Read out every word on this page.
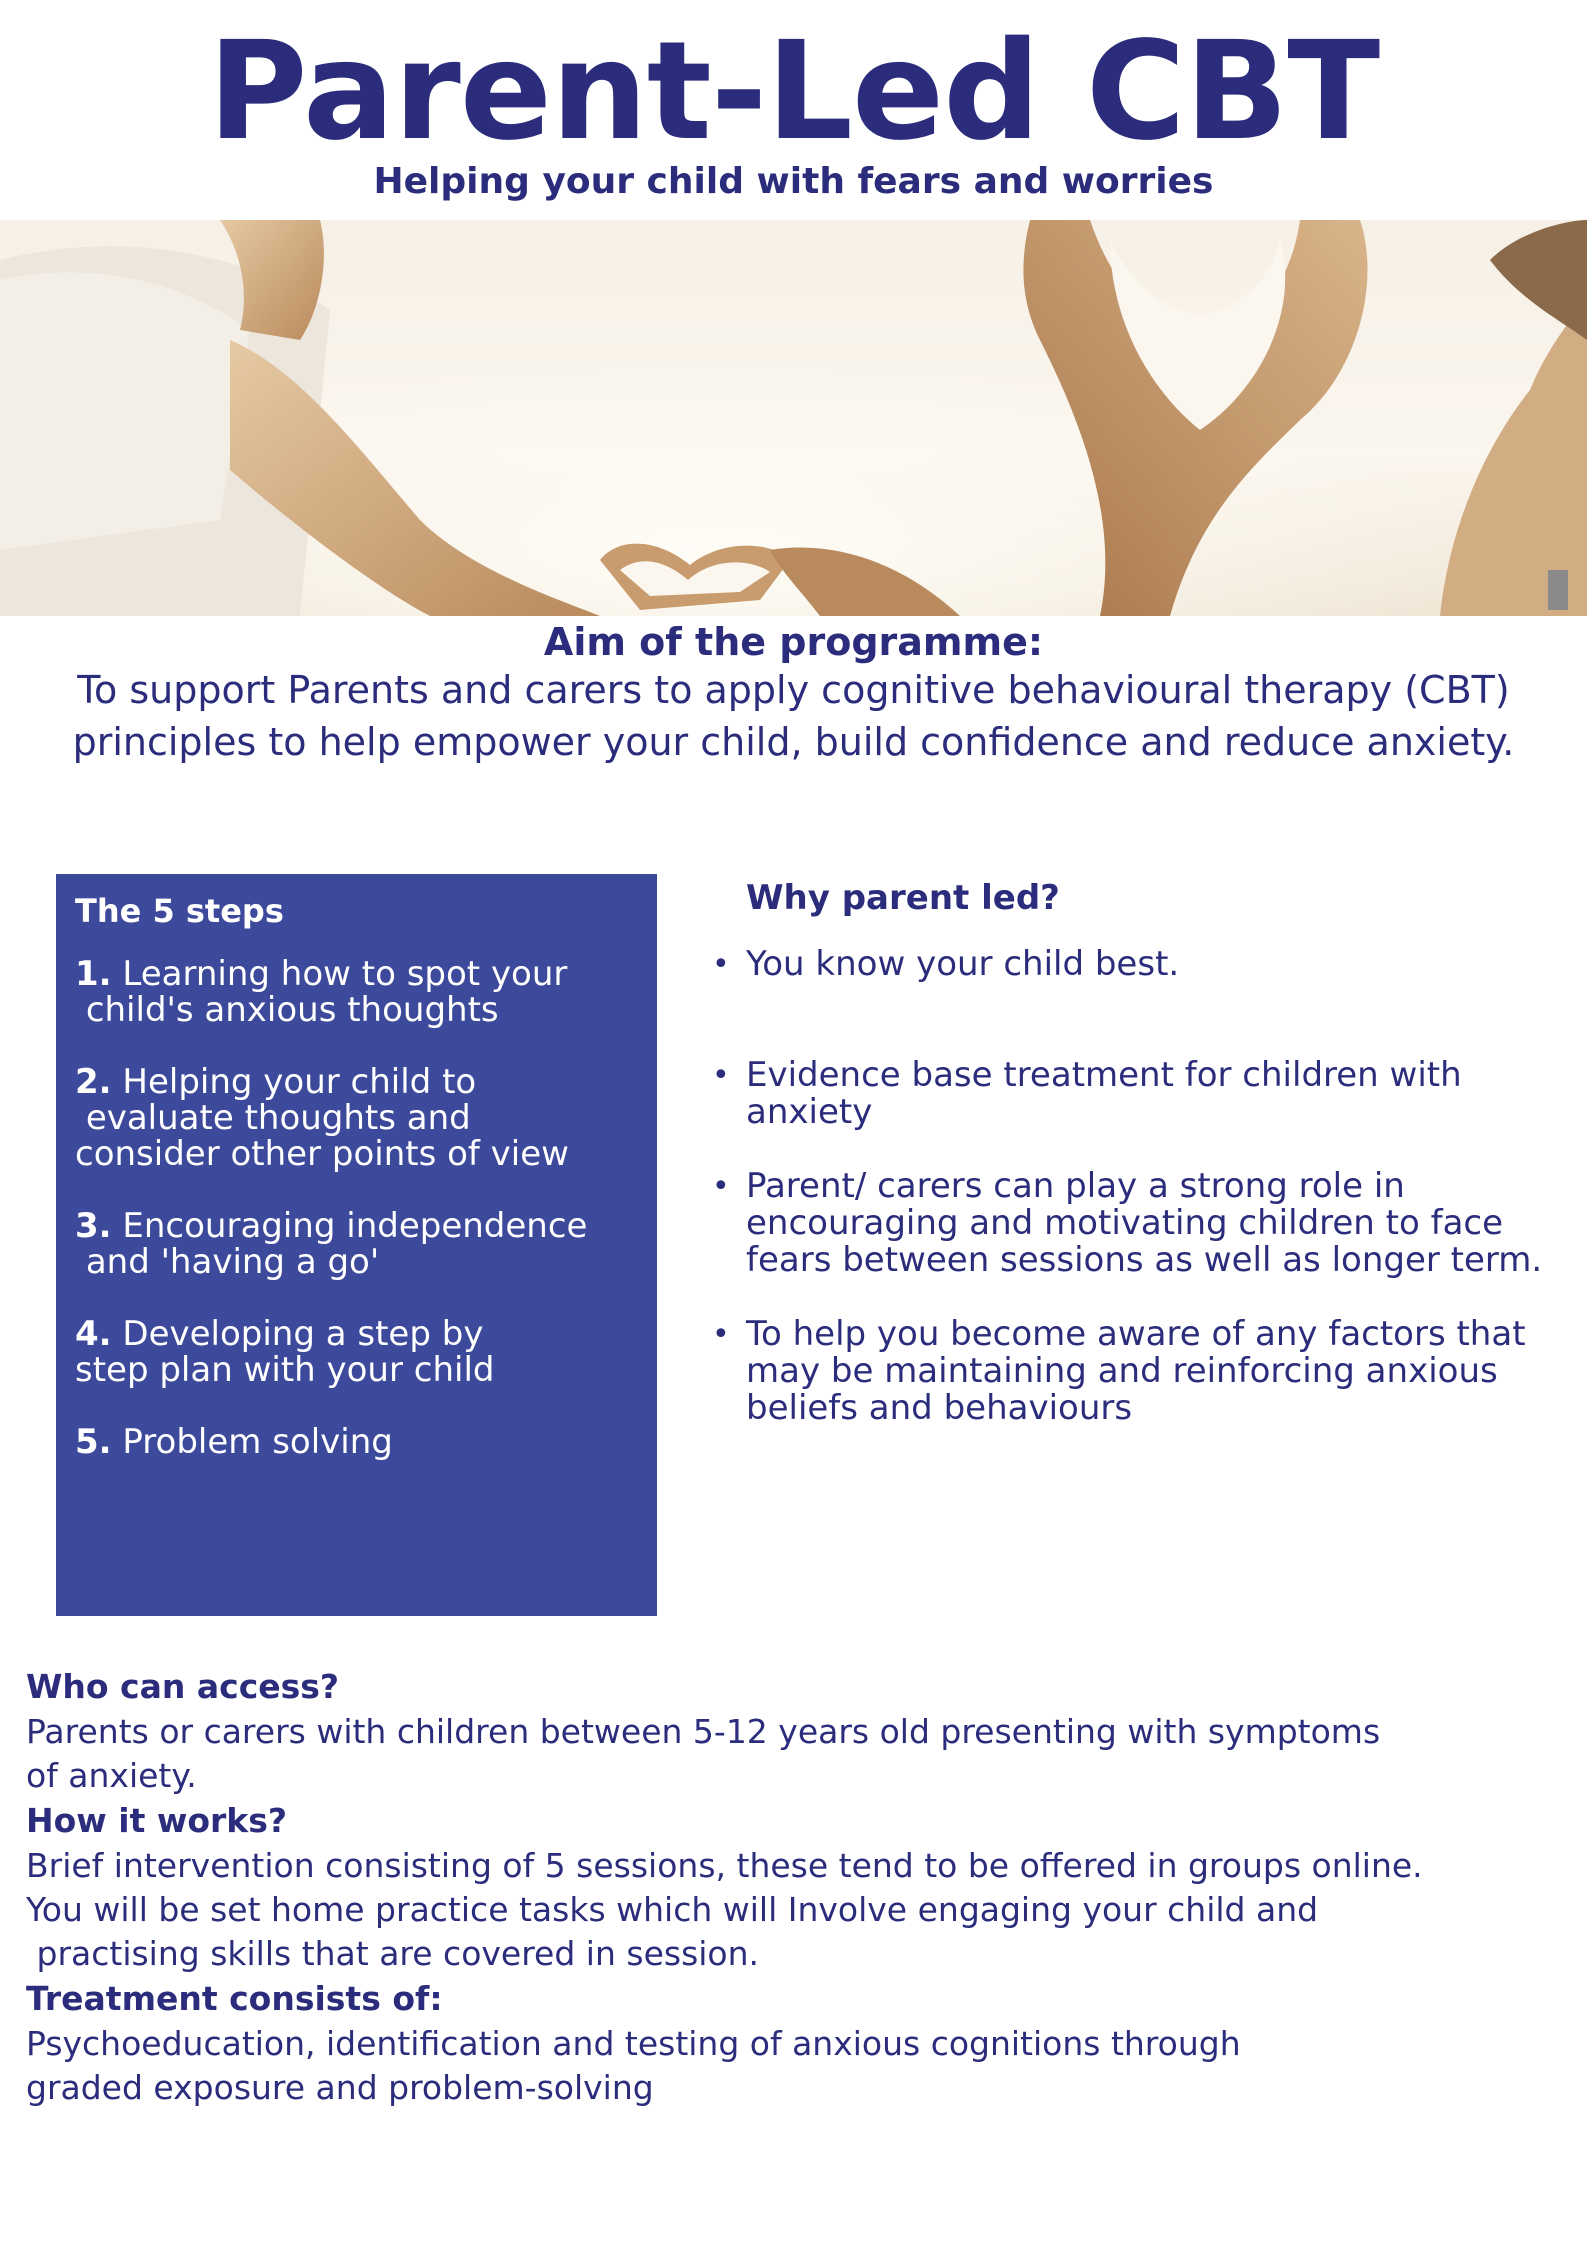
Parent-Led CBT
Helping your child with fears and worries
Aim of the programme:

To support Parents and carers to apply cognitive behavioural therapy (CBT) principles to help empower your child, build confidence and reduce anxiety.

The 5 steps
1. Learning how to spot your
child's anxious thoughts
2. Helping your child to
evaluate thoughts and
consider other points of view
3. Encouraging independence
and 'having a go'
4. Developing a step by
step plan with your child
5. Problem solving
Why parent led?
• You know your child best.
• Evidence base treatment for children with anxiety
• Parent/ carers can play a strong role in encouraging and motivating children to face fears between sessions as well as longer term.
• To help you become aware of any factors that may be maintaining and reinforcing anxious beliefs and behaviours
Who can access?

Parents or carers with children between 5-12 years old presenting with symptoms
of anxiety.

How it works?

Brief intervention consisting of 5 sessions, these tend to be offered in groups online.
You will be set home practice tasks which will Involve engaging your child and
practising skills that are covered in session.

Treatment consists of:

Psychoeducation, identification and testing of anxious cognitions through
graded exposure and problem-solving
